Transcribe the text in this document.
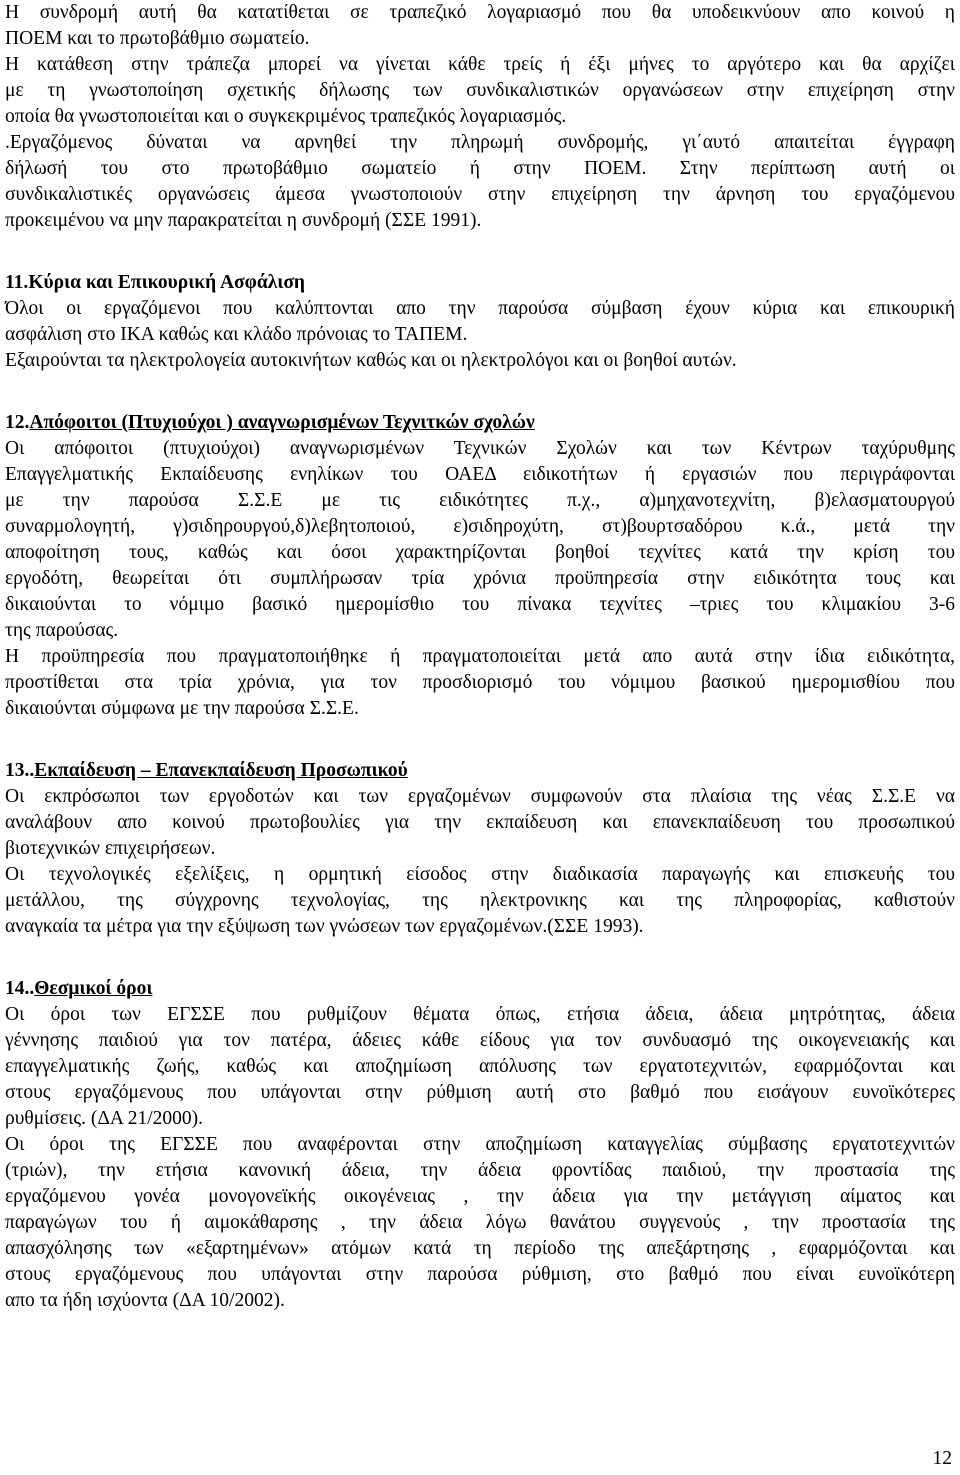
Η συνδρομή αυτή θα κατατίθεται σε τραπεζικό λογαριασμό που θα υποδεικνύουν απο κοινού η
ΠΟΕΜ και το πρωτοβάθμιο σωματείο.
Η κατάθεση στην τράπεζα μπορεί να γίνεται κάθε τρείς ή έξι μήνες το αργότερο και θα αρχίζει
με τη γνωστοποίηση σχετικής δήλωσης των συνδικαλιστικών οργανώσεων στην επιχείρηση στην
οποία θα γνωστοποιείται και ο συγκεκριμένος τραπεζικός λογαριασμός.
.Εργαζόμενος δύναται να αρνηθεί την πληρωμή συνδρομής, γι΄αυτό απαιτείται έγγραφη
δήλωσή του στο πρωτοβάθμιο σωματείο ή στην ΠΟΕΜ. Στην περίπτωση αυτή οι
συνδικαλιστικές οργανώσεις άμεσα γνωστοποιούν στην επιχείρηση την άρνηση του εργαζόμενου
προκειμένου να μην παρακρατείται η συνδρομή (ΣΣΕ 1991).
11.Κύρια και Επικουρική Ασφάλιση
Όλοι οι εργαζόμενοι που καλύπτονται απο την παρούσα σύμβαση έχουν κύρια και επικουρική
ασφάλιση στο ΙΚΑ καθώς και κλάδο πρόνοιας το ΤΑΠΕΜ.
Εξαιρούνται τα ηλεκτρολογεία αυτοκινήτων καθώς και οι ηλεκτρολόγοι και οι βοηθοί αυτών.
12.Απόφοιτοι (Πτυχιούχοι ) αναγνωρισμένων Τεχνιτκών σχολών
Οι απόφοιτοι (πτυχιούχοι) αναγνωρισμένων Τεχνικών Σχολών και των Κέντρων ταχύρυθμης
Επαγγελματικής Εκπαίδευσης ενηλίκων του ΟΑΕΔ ειδικοτήτων ή εργασιών που περιγράφονται
με την παρούσα Σ.Σ.Ε με τις ειδικότητες π.χ., α)μηχανοτεχνίτη, β)ελασματουργού
συναρμολογητή, γ)σιδηρουργού,δ)λεβητοποιού, ε)σιδηροχύτη, στ)βουρτσαδόρου κ.ά., μετά την
αποφοίτηση τους, καθώς και όσοι χαρακτηρίζονται βοηθοί τεχνίτες κατά την κρίση του
εργοδότη, θεωρείται ότι συμπλήρωσαν τρία χρόνια προϋπηρεσία στην ειδικότητα τους και
δικαιούνται το νόμιμο βασικό ημερομίσθιο του πίνακα τεχνίτες –τριες του κλιμακίου 3-6
της παρούσας.
Η προϋπηρεσία που πραγματοποιήθηκε ή πραγματοποιείται μετά απο αυτά στην ίδια ειδικότητα,
προστίθεται στα τρία χρόνια, για τον προσδιορισμό του νόμιμου βασικού ημερομισθίου που
δικαιούνται σύμφωνα με την παρούσα Σ.Σ.Ε.
13..Εκπαίδευση – Επανεκπαίδευση Προσωπικού
Οι εκπρόσωποι των εργοδοτών και των εργαζομένων συμφωνούν στα πλαίσια της νέας Σ.Σ.Ε να
αναλάβουν απο κοινού πρωτοβουλίες για την εκπαίδευση και επανεκπαίδευση του προσωπικού
βιοτεχνικών επιχειρήσεων.
Οι τεχνολογικές εξελίξεις, η ορμητική είσοδος στην διαδικασία παραγωγής και επισκευής του
μετάλλου, της σύγχρονης τεχνολογίας, της ηλεκτρονικης και της πληροφορίας, καθιστούν
αναγκαία τα μέτρα για την εξύψωση των γνώσεων των εργαζομένων.(ΣΣΕ 1993).
14..Θεσμικοί όροι
Οι όροι των ΕΓΣΣΕ που ρυθμίζουν θέματα όπως, ετήσια άδεια, άδεια μητρότητας, άδεια
γέννησης παιδιού για τον πατέρα, άδειες κάθε είδους για τον συνδυασμό της οικογενειακής και
επαγγελματικής ζωής, καθώς και αποζημίωση απόλυσης των εργατοτεχνιτών, εφαρμόζονται και
στους εργαζόμενους που υπάγονται στην ρύθμιση αυτή στο βαθμό που εισάγουν ευνοϊκότερες
ρυθμίσεις. (ΔΑ 21/2000).
Οι όροι της ΕΓΣΣΕ που αναφέρονται στην αποζημίωση καταγγελίας σύμβασης εργατοτεχνιτών
(τριών), την ετήσια κανονική άδεια, την άδεια φροντίδας παιδιού, την προστασία της
εργαζόμενου γονέα μονογονεϊκής οικογένειας , την άδεια για την μετάγγιση αίματος και
παραγώγων του ή αιμοκάθαρσης , την άδεια λόγω θανάτου συγγενούς , την προστασία της
απασχόλησης των «εξαρτημένων» ατόμων κατά τη περίοδο της απεξάρτησης , εφαρμόζονται και
στους εργαζόμενους που υπάγονται στην παρούσα ρύθμιση, στο βαθμό που είναι ευνοϊκότερη
απο τα ήδη ισχύοντα (ΔΑ 10/2002).
12
